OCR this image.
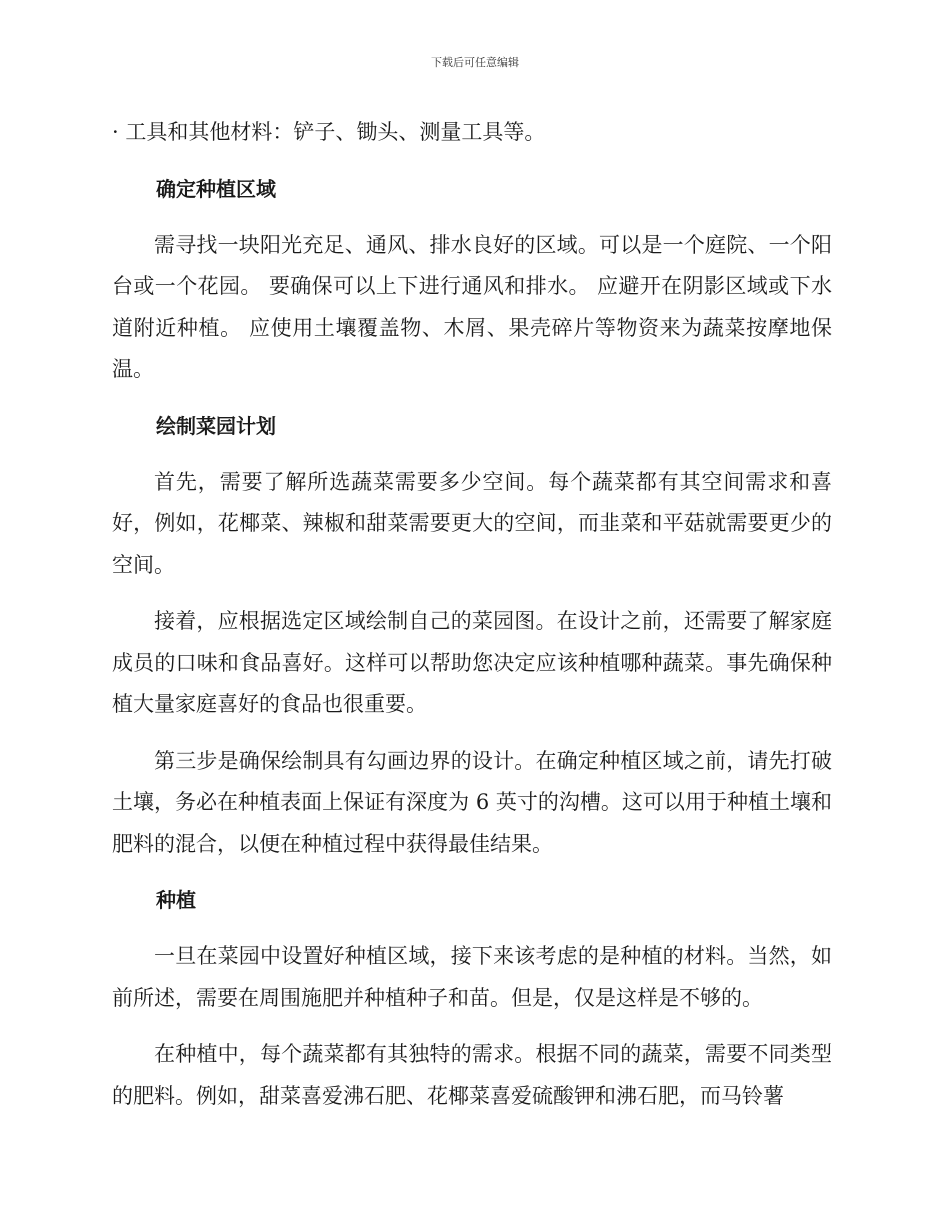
下载后可任意编辑

· 工具和其他材料：铲子、锄头、测量工具等。

确定种植区域

需寻找一块阳光充足、通风、排水良好的区域。可以是一个庭院、一个阳台或一个花园。 要确保可以上下进行通风和排水。 应避开在阴影区域或下水道附近种植。 应使用土壤覆盖物、木屑、果壳碎片等物资来为蔬菜按摩地保温。

绘制菜园计划

首先，需要了解所选蔬菜需要多少空间。每个蔬菜都有其空间需求和喜好，例如，花椰菜、辣椒和甜菜需要更大的空间，而韭菜和平菇就需要更少的空间。

接着，应根据选定区域绘制自己的菜园图。在设计之前，还需要了解家庭成员的口味和食品喜好。这样可以帮助您决定应该种植哪种蔬菜。事先确保种植大量家庭喜好的食品也很重要。

第三步是确保绘制具有勾画边界的设计。在确定种植区域之前，请先打破土壤，务必在种植表面上保证有深度为 6 英寸的沟槽。这可以用于种植土壤和肥料的混合，以便在种植过程中获得最佳结果。

种植

一旦在菜园中设置好种植区域，接下来该考虑的是种植的材料。当然，如前所述，需要在周围施肥并种植种子和苗。但是，仅是这样是不够的。

在种植中，每个蔬菜都有其独特的需求。根据不同的蔬菜，需要不同类型的肥料。例如，甜菜喜爱沸石肥、花椰菜喜爱硫酸钾和沸石肥，而马铃薯
